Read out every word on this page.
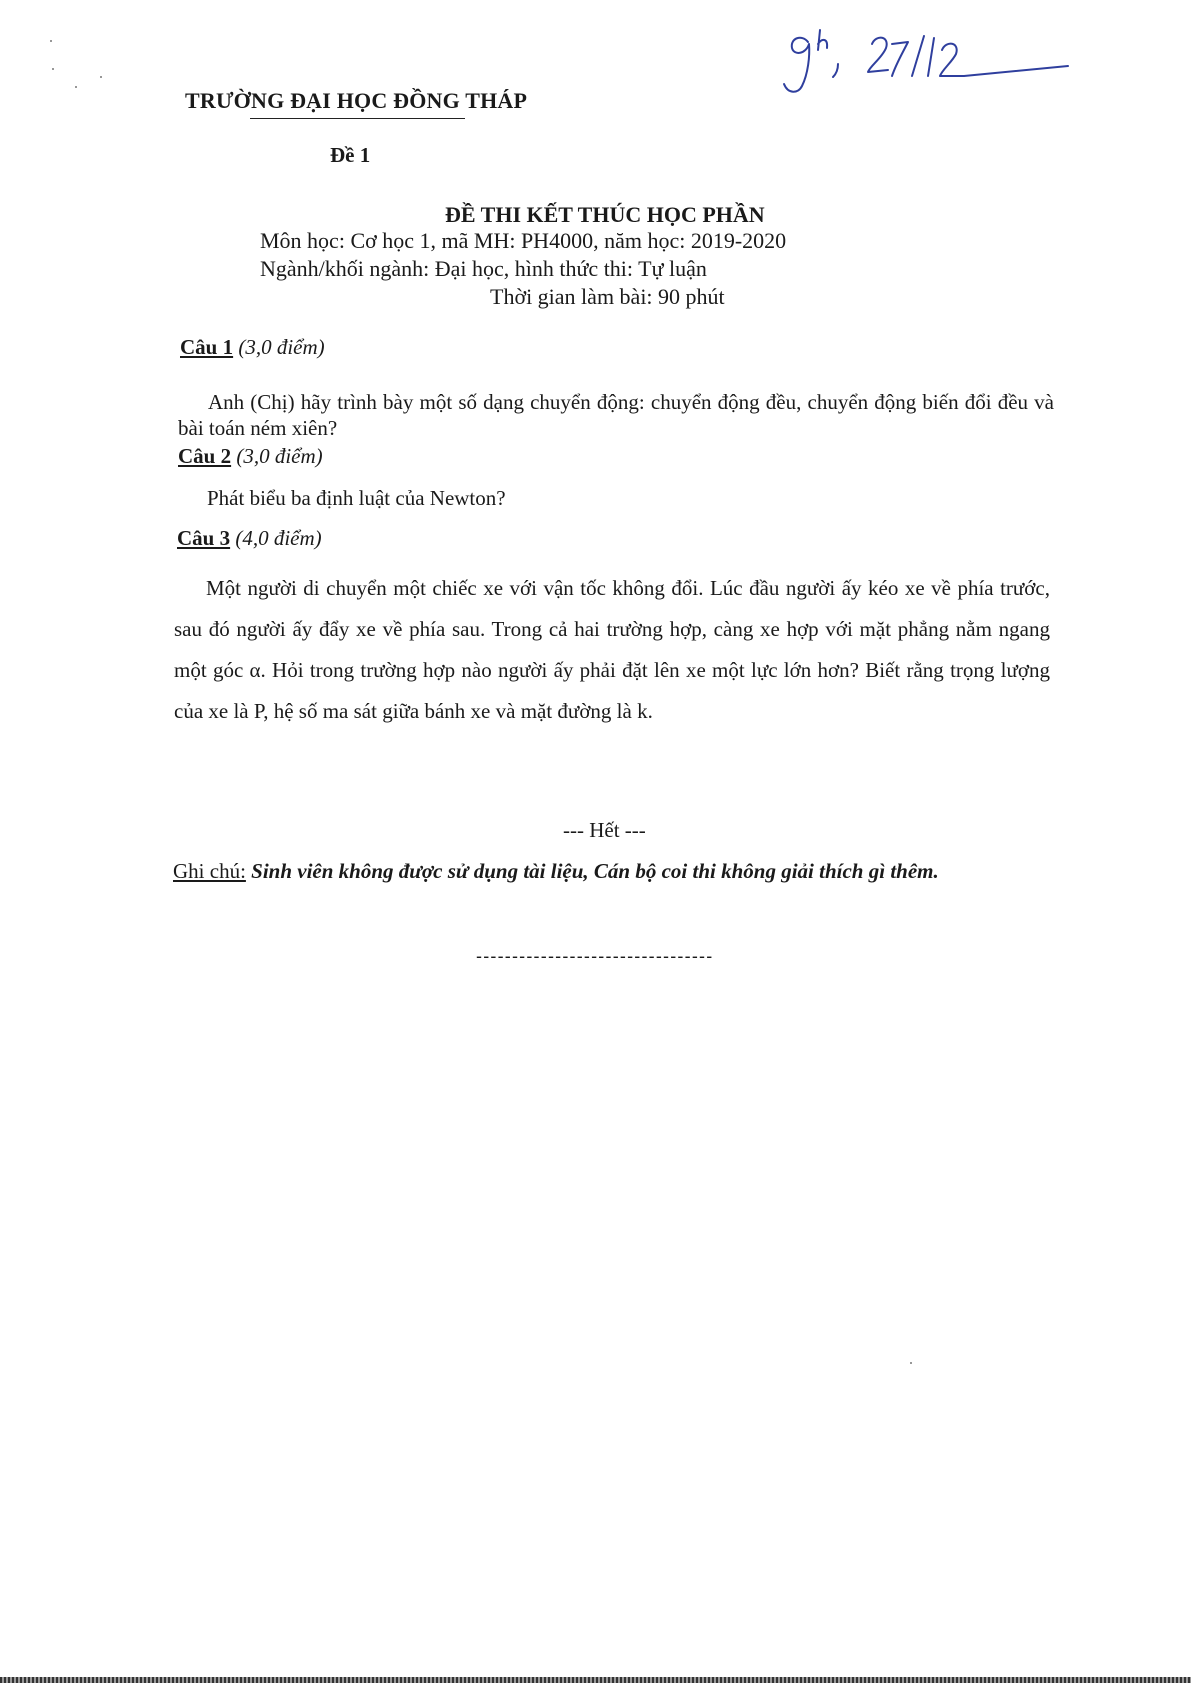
TRƯỜNG ĐẠI HỌC ĐỒNG THÁP
Đề 1
ĐỀ THI KẾT THÚC HỌC PHẦN
Môn học: Cơ học 1, mã MH: PH4000, năm học: 2019-2020
Ngành/khối ngành: Đại học, hình thức thi: Tự luận
Thời gian làm bài: 90 phút
Câu 1 (3,0 điểm)
Anh (Chị) hãy trình bày một số dạng chuyển động: chuyển động đều, chuyển động biến đổi đều và bài toán ném xiên?
Câu 2 (3,0 điểm)
Phát biểu ba định luật của Newton?
Câu 3 (4,0 điểm)
Một người di chuyển một chiếc xe với vận tốc không đổi. Lúc đầu người ấy kéo xe về phía trước, sau đó người ấy đẩy xe về phía sau. Trong cả hai trường hợp, càng xe hợp với mặt phẳng nằm ngang một góc α. Hỏi trong trường hợp nào người ấy phải đặt lên xe một lực lớn hơn? Biết rằng trọng lượng của xe là P, hệ số ma sát giữa bánh xe và mặt đường là k.
--- Hết ---
Ghi chú: Sinh viên không được sử dụng tài liệu, Cán bộ coi thi không giải thích gì thêm.
---------------------------------
